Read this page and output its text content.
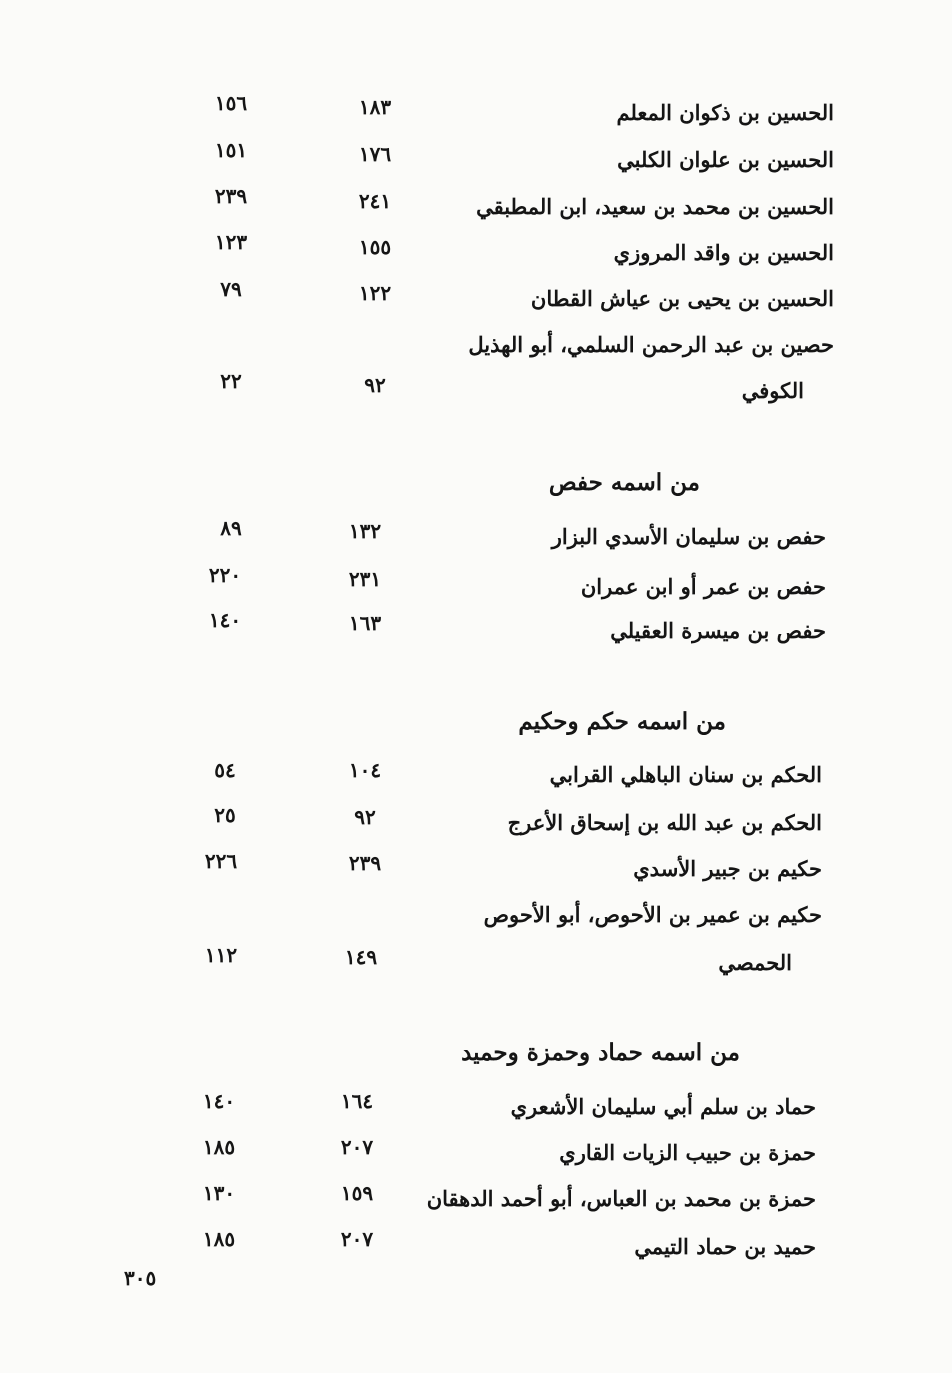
الحسين بن ذكوان المعلم
١٨٣
١٥٦
الحسين بن علوان الكلبي
١٧٦
١٥١
الحسين بن محمد بن سعيد، ابن المطبقي
٢٤١
٢٣٩
الحسين بن واقد المروزي
١٥٥
١٢٣
الحسين بن يحيى بن عياش القطان
١٢٢
٧٩
حصين بن عبد الرحمن السلمي، أبو الهذيل
الكوفي
٩٢
٢٢
من اسمه حفص
حفص بن سليمان الأسدي البزار
١٣٢
٨٩
حفص بن عمر أو ابن عمران
٢٣١
٢٢٠
حفص بن ميسرة العقيلي
١٦٣
١٤٠
من اسمه حكم وحكيم
الحكم بن سنان الباهلي القرابي
١٠٤
٥٤
الحكم بن عبد الله بن إسحاق الأعرج
٩٢
٢٥
حكيم بن جبير الأسدي
٢٣٩
٢٢٦
حكيم بن عمير بن الأحوص، أبو الأحوص
الحمصي
١٤٩
١١٢
من اسمه حماد وحمزة وحميد
حماد بن سلم أبي سليمان الأشعري
١٦٤
١٤٠
حمزة بن حبيب الزيات القاري
٢٠٧
١٨٥
حمزة بن محمد بن العباس، أبو أحمد الدهقان
١٥٩
١٣٠
حميد بن حماد التيمي
٢٠٧
١٨٥
٣٠٥
